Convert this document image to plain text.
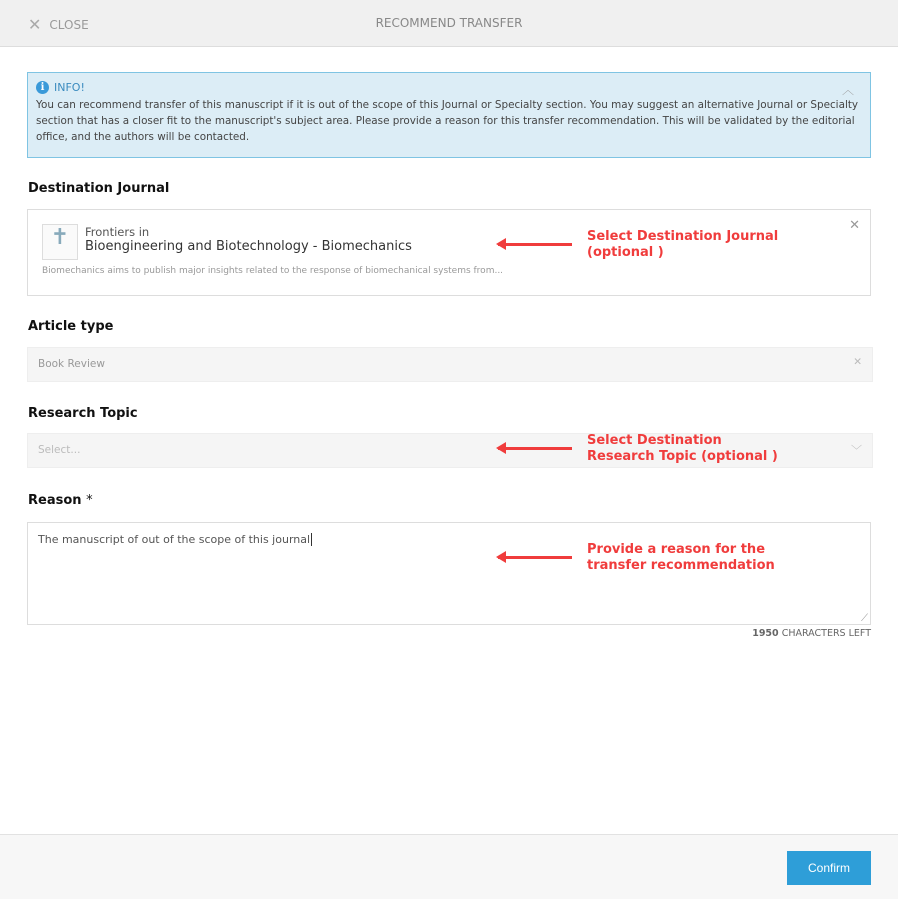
✕ CLOSE	RECOMMEND TRANSFER
i INFO!
You can recommend transfer of this manuscript if it is out of the scope of this Journal or Specialty section. You may suggest an alternative Journal or Specialty section that has a closer fit to the manuscript's subject area. Please provide a reason for this transfer recommendation. This will be validated by the editorial office, and the authors will be contacted.
︿
Destination Journal
✝	Frontiers in
Bioengineering and Biotechnology - Biomechanics
Biomechanics aims to publish major insights related to the response of biomechanical systems from...
✕
Article type
Book Review	✕
Research Topic
Select...	﹀
Reason *
The manuscript of out of the scope of this journal
⟋
1950 CHARACTERS LEFT
Select Destination Journal
(optional )
Select Destination
Research Topic (optional )
Provide a reason for the
transfer recommendation
Confirm
